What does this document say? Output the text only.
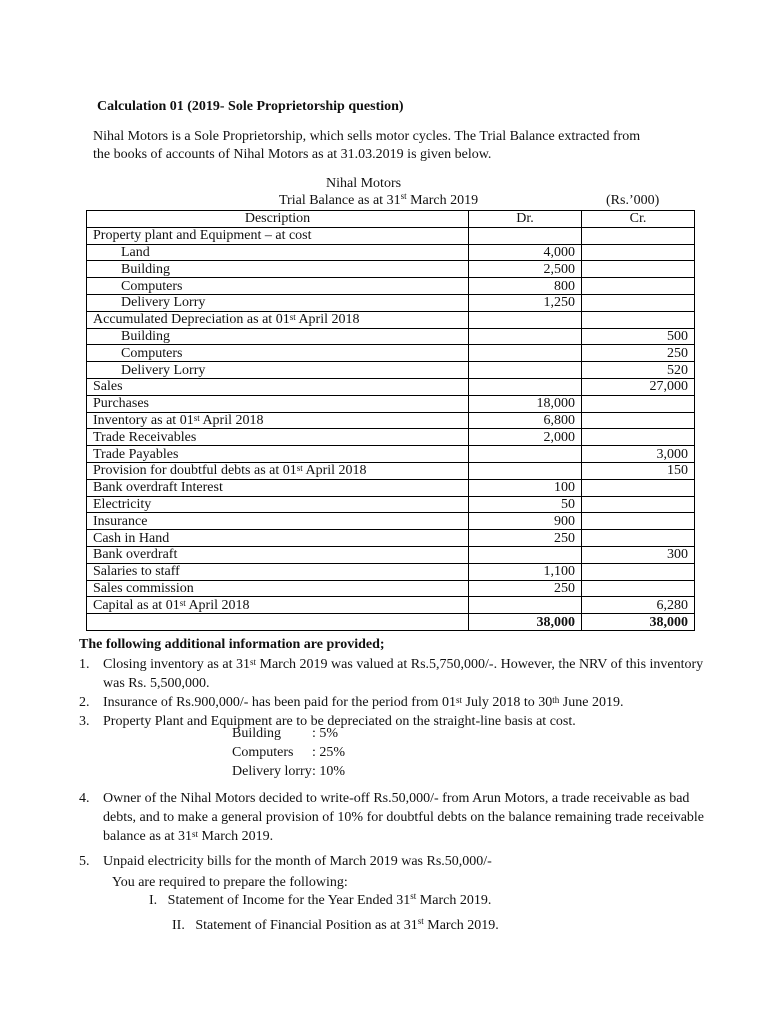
Calculation 01 (2019- Sole Proprietorship question)
Nihal Motors is a Sole Proprietorship, which sells motor cycles. The Trial Balance extracted from the books of accounts of Nihal Motors as at 31.03.2019 is given below.
Nihal Motors
Trial Balance as at 31st March 2019	(Rs.’000)
Description	Dr.	Cr.
Property plant and Equipment – at cost		
Land	4,000	
Building	2,500	
Computers	800	
Delivery Lorry	1,250	
Accumulated Depreciation as at 01st April 2018		
Building		500
Computers		250
Delivery Lorry		520
Sales		27,000
Purchases	18,000	
Inventory as at 01st April 2018	6,800	
Trade Receivables	2,000	
Trade Payables		3,000
Provision for doubtful debts as at 01st April 2018		150
Bank overdraft Interest	100	
Electricity	50	
Insurance	900	
Cash in Hand	250	
Bank overdraft		300
Salaries to staff	1,100	
Sales commission	250	
Capital as at 01st April 2018		6,280
	38,000	38,000
The following additional information are provided;
1. Closing inventory as at 31st March 2019 was valued at Rs.5,750,000/-. However, the NRV of this inventory was Rs. 5,500,000.
2. Insurance of Rs.900,000/- has been paid for the period from 01st July 2018 to 30th June 2019.
3. Property Plant and Equipment are to be depreciated on the straight-line basis at cost.
4. Owner of the Nihal Motors decided to write-off Rs.50,000/- from Arun Motors, a trade receivable as bad debts, and to make a general provision of 10% for doubtful debts on the balance remaining trade receivable balance as at 31st March 2019.
5. Unpaid electricity bills for the month of March 2019 was Rs.50,000/-
Building : 5%
Computers : 25%
Delivery lorry: 10%
You are required to prepare the following:
I. Statement of Income for the Year Ended 31st March 2019.
II. Statement of Financial Position as at 31st March 2019.
